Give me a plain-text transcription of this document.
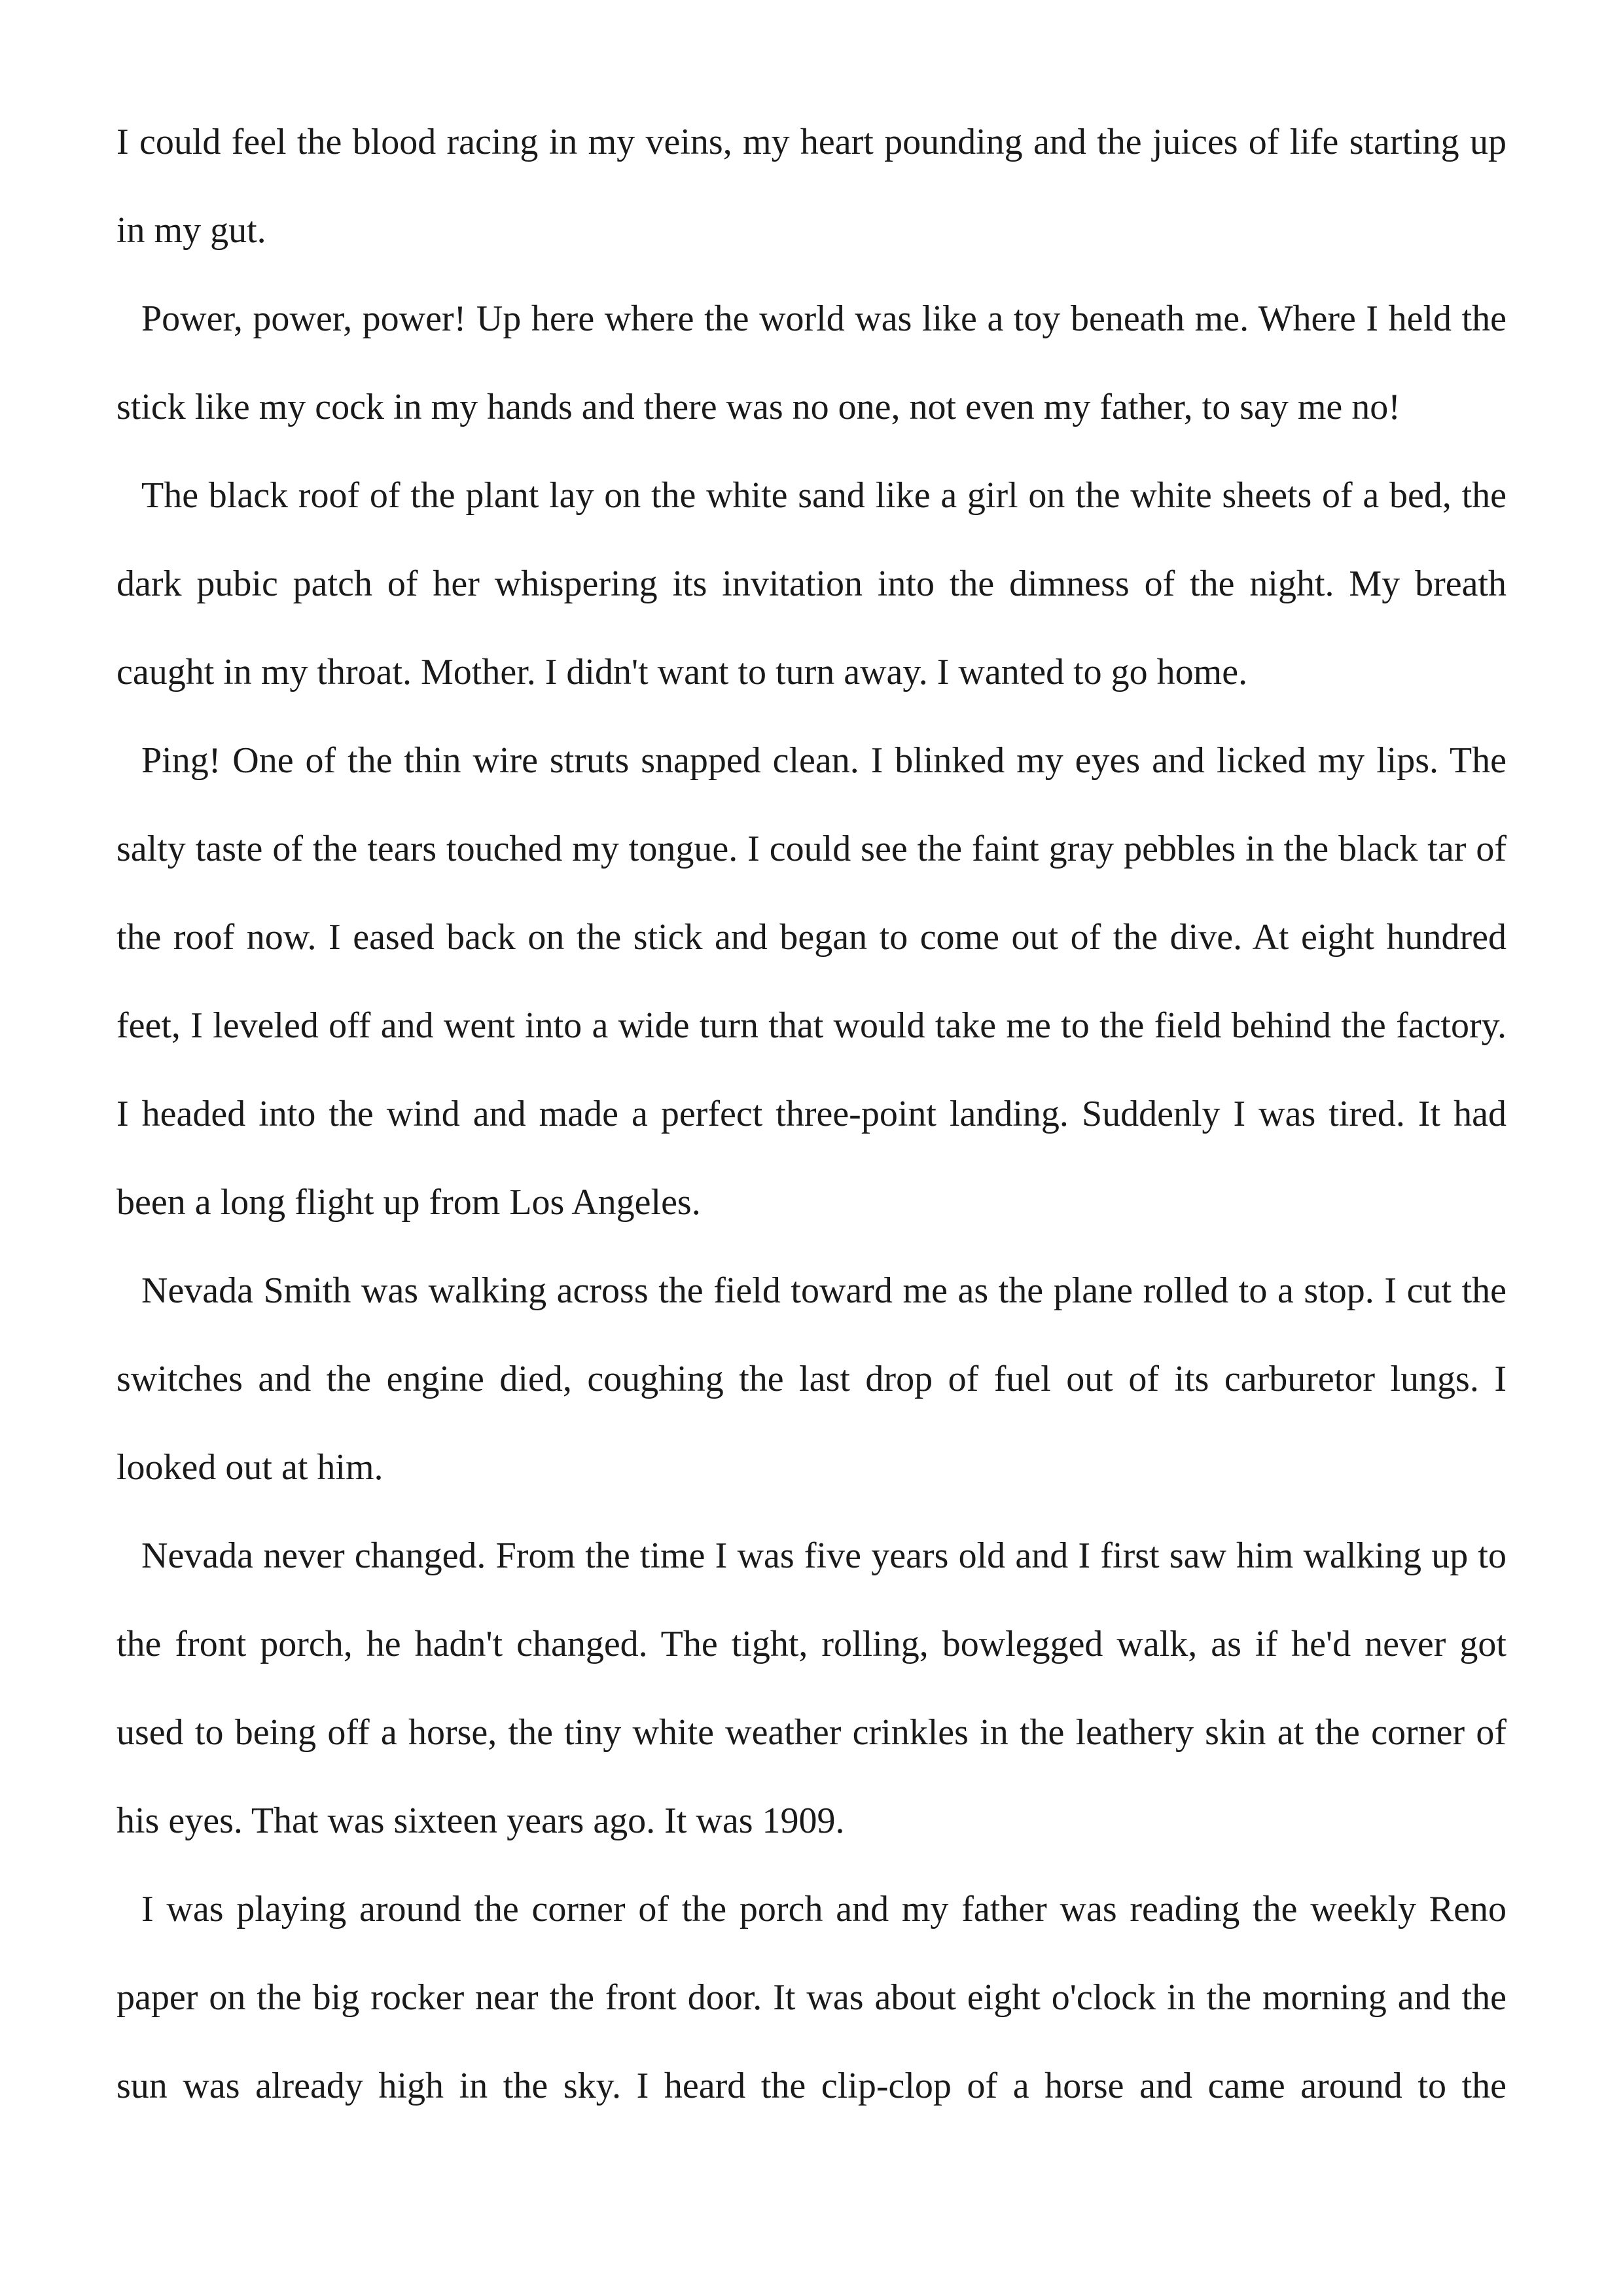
I could feel the blood racing in my veins, my heart pounding and the juices of life starting up in my gut.

Power, power, power! Up here where the world was like a toy beneath me. Where I held the stick like my cock in my hands and there was no one, not even my father, to say me no!

The black roof of the plant lay on the white sand like a girl on the white sheets of a bed, the dark pubic patch of her whispering its invitation into the dimness of the night. My breath caught in my throat. Mother. I didn't want to turn away. I wanted to go home.

Ping! One of the thin wire struts snapped clean. I blinked my eyes and licked my lips. The salty taste of the tears touched my tongue. I could see the faint gray pebbles in the black tar of the roof now. I eased back on the stick and began to come out of the dive. At eight hundred feet, I leveled off and went into a wide turn that would take me to the field behind the factory. I headed into the wind and made a perfect three-point landing. Suddenly I was tired. It had been a long flight up from Los Angeles.

Nevada Smith was walking across the field toward me as the plane rolled to a stop. I cut the switches and the engine died, coughing the last drop of fuel out of its carburetor lungs. I looked out at him.

Nevada never changed. From the time I was five years old and I first saw him walking up to the front porch, he hadn't changed. The tight, rolling, bowlegged walk, as if he'd never got used to being off a horse, the tiny white weather crinkles in the leathery skin at the corner of his eyes. That was sixteen years ago. It was 1909.

I was playing around the corner of the porch and my father was reading the weekly Reno paper on the big rocker near the front door. It was about eight o'clock in the morning and the sun was already high in the sky. I heard the clip-clop of a horse and came around to the
